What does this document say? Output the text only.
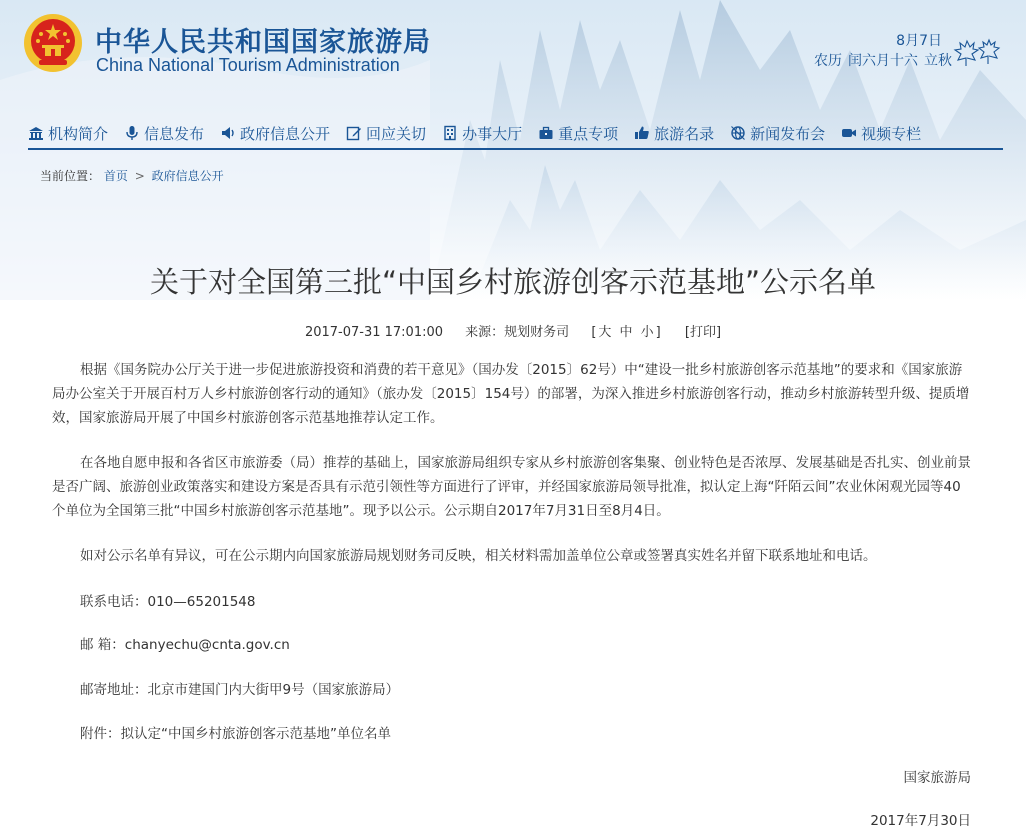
中华人民共和国国家旅游局
China National Tourism Administration
8月7日
农历 闰六月十六 立秋
机构简介 信息发布 政府信息公开 回应关切 办事大厅 重点专项 旅游名录 新闻发布会 视频专栏
当前位置： 首页 > 政府信息公开
关于对全国第三批“中国乡村旅游创客示范基地”公示名单
2017-07-31 17:01:00 来源：规划财务司 [大 中 小] [打印]

根据《国务院办公厅关于进一步促进旅游投资和消费的若干意见》（国办发〔2015〕62号）中“建设一批乡村旅游创客示范基地”的要求和《国家旅游局办公室关于开展百村万人乡村旅游创客行动的通知》（旅办发〔2015〕154号）的部署，为深入推进乡村旅游创客行动，推动乡村旅游转型升级、提质增效，国家旅游局开展了中国乡村旅游创客示范基地推荐认定工作。

在各地自愿申报和各省区市旅游委（局）推荐的基础上，国家旅游局组织专家从乡村旅游创客集聚、创业特色是否浓厚、发展基础是否扎实、创业前景是否广阔、旅游创业政策落实和建设方案是否具有示范引领性等方面进行了评审，并经国家旅游局领导批准，拟认定上海“阡陌云间”农业休闲观光园等40个单位为全国第三批“中国乡村旅游创客示范基地”。现予以公示。公示期自2017年7月31日至8月4日。

如对公示名单有异议，可在公示期内向国家旅游局规划财务司反映，相关材料需加盖单位公章或签署真实姓名并留下联系地址和电话。
联系电话：010—65201548
邮 箱：chanyechu@cnta.gov.cn
邮寄地址：北京市建国门内大街甲9号（国家旅游局）
附件：拟认定“中国乡村旅游创客示范基地”单位名单
国家旅游局
2017年7月30日
